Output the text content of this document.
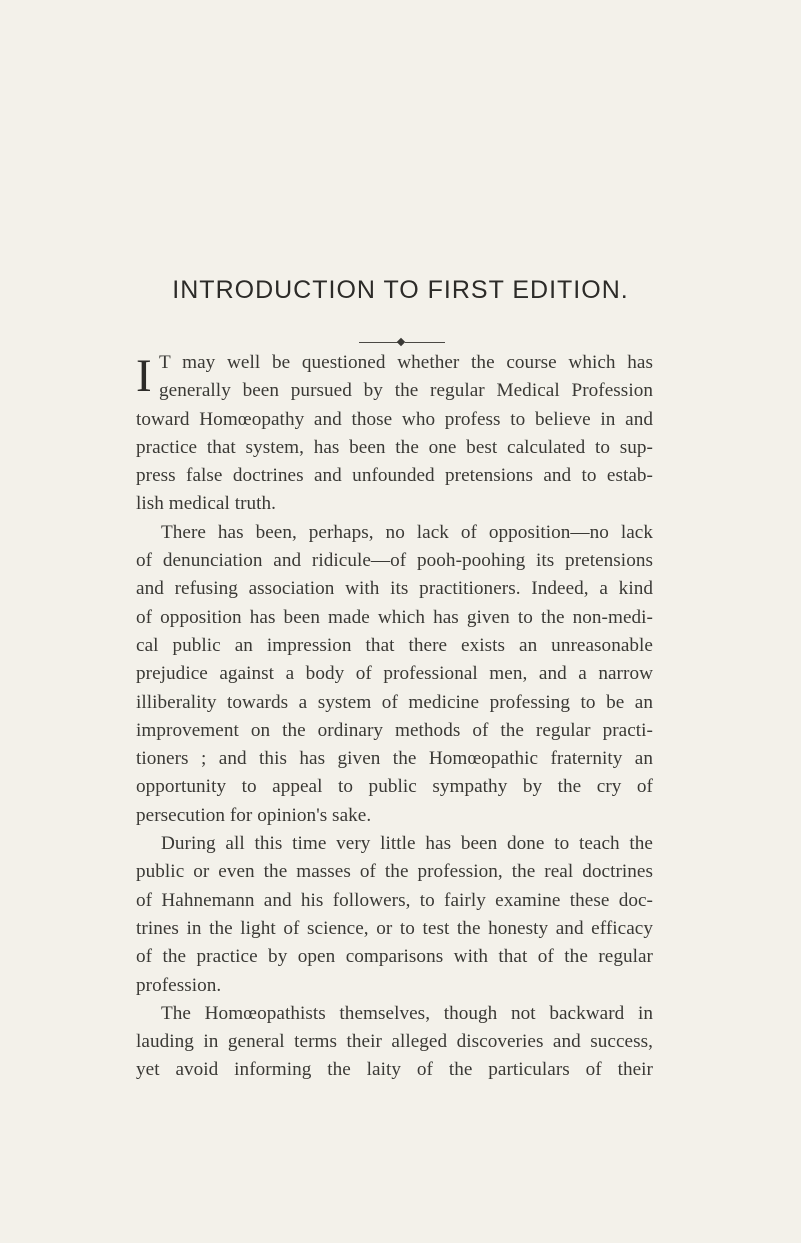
INTRODUCTION TO FIRST EDITION.
I T may well be questioned whether the course which has
generally been pursued by the regular Medical Profession
toward Homœopathy and those who profess to believe in and
practice that system, has been the one best calculated to sup-
press false doctrines and unfounded pretensions and to estab-
lish medical truth.
There has been, perhaps, no lack of opposition—no lack
of denunciation and ridicule—of pooh-poohing its pretensions
and refusing association with its practitioners. Indeed, a kind
of opposition has been made which has given to the non-medi-
cal public an impression that there exists an unreasonable
prejudice against a body of professional men, and a narrow
illiberality towards a system of medicine professing to be an
improvement on the ordinary methods of the regular practi-
tioners ; and this has given the Homœopathic fraternity an
opportunity to appeal to public sympathy by the cry of
persecution for opinion's sake.
During all this time very little has been done to teach the
public or even the masses of the profession, the real doctrines
of Hahnemann and his followers, to fairly examine these doc-
trines in the light of science, or to test the honesty and efficacy
of the practice by open comparisons with that of the regular
profession.
The Homœopathists themselves, though not backward in
lauding in general terms their alleged discoveries and success,
yet avoid informing the laity of the particulars of their
